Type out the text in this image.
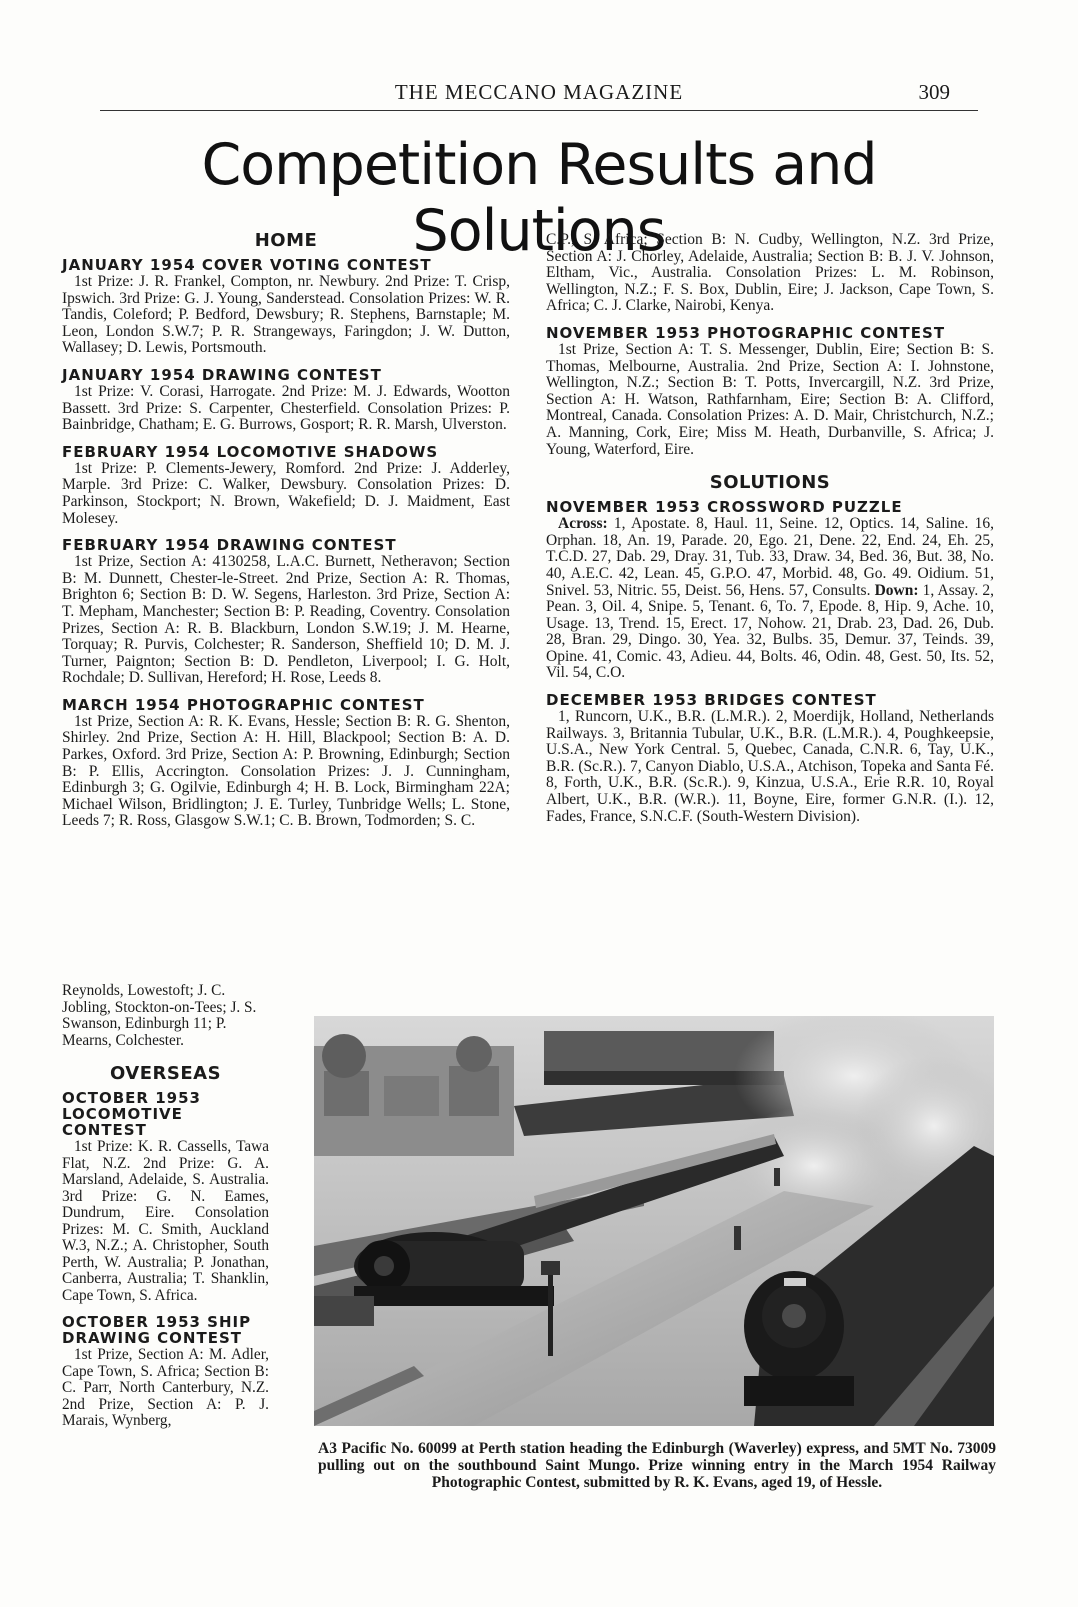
THE MECCANO MAGAZINE	309
Competition Results and Solutions
HOME
JANUARY 1954 COVER VOTING CONTEST

1st Prize: J. R. Frankel, Compton, nr. Newbury. 2nd Prize: T. Crisp, Ipswich. 3rd Prize: G. J. Young, Sanderstead. Consolation Prizes: W. R. Tandis, Coleford; P. Bedford, Dewsbury; R. Stephens, Barnstaple; M. Leon, London S.W.7; P. R. Strangeways, Faringdon; J. W. Dutton, Wallasey; D. Lewis, Portsmouth.

JANUARY 1954 DRAWING CONTEST

1st Prize: V. Corasi, Harrogate. 2nd Prize: M. J. Edwards, Wootton Bassett. 3rd Prize: S. Carpenter, Chesterfield. Consolation Prizes: P. Bainbridge, Chatham; E. G. Burrows, Gosport; R. R. Marsh, Ulverston.

FEBRUARY 1954 LOCOMOTIVE SHADOWS

1st Prize: P. Clements-Jewery, Romford. 2nd Prize: J. Adderley, Marple. 3rd Prize: C. Walker, Dewsbury. Consolation Prizes: D. Parkinson, Stockport; N. Brown, Wakefield; D. J. Maidment, East Molesey.

FEBRUARY 1954 DRAWING CONTEST

1st Prize, Section A: 4130258, L.A.C. Burnett, Netheravon; Section B: M. Dunnett, Chester-le-Street. 2nd Prize, Section A: R. Thomas, Brighton 6; Section B: D. W. Segens, Harleston. 3rd Prize, Section A: T. Mepham, Manchester; Section B: P. Reading, Coventry. Consolation Prizes, Section A: R. B. Blackburn, London S.W.19; J. M. Hearne, Torquay; R. Purvis, Colchester; R. Sanderson, Sheffield 10; D. M. J. Turner, Paignton; Section B: D. Pendleton, Liverpool; I. G. Holt, Rochdale; D. Sullivan, Hereford; H. Rose, Leeds 8.

MARCH 1954 PHOTOGRAPHIC CONTEST

1st Prize, Section A: R. K. Evans, Hessle; Section B: R. G. Shenton, Shirley. 2nd Prize, Section A: H. Hill, Blackpool; Section B: A. D. Parkes, Oxford. 3rd Prize, Section A: P. Browning, Edinburgh; Section B: P. Ellis, Accrington. Consolation Prizes: J. J. Cunningham, Edinburgh 3; G. Ogilvie, Edinburgh 4; H. B. Lock, Birmingham 22A; Michael Wilson, Bridlington; J. E. Turley, Tunbridge Wells; L. Stone, Leeds 7; R. Ross, Glasgow S.W.1; C. B. Brown, Todmorden; S. C.

Reynolds, Lowestoft; J. C. Jobling, Stockton-on-Tees; J. S. Swanson, Edinburgh 11; P. Mearns, Colchester.

OVERSEAS
OCTOBER 1953 LOCOMOTIVE CONTEST

1st Prize: K. R. Cassells, Tawa Flat, N.Z. 2nd Prize: G. A. Marsland, Adelaide, S. Australia. 3rd Prize: G. N. Eames, Dundrum, Eire. Consolation Prizes: M. C. Smith, Auckland W.3, N.Z.; A. Christopher, South Perth, W. Australia; P. Jonathan, Canberra, Australia; T. Shanklin, Cape Town, S. Africa.

OCTOBER 1953 SHIP DRAWING CONTEST

1st Prize, Section A: M. Adler, Cape Town, S. Africa; Section B: C. Parr, North Canterbury, N.Z. 2nd Prize, Section A: P. J. Marais, Wynberg,

C.P., S. Africa; Section B: N. Cudby, Wellington, N.Z. 3rd Prize, Section A: J. Chorley, Adelaide, Australia; Section B: B. J. V. Johnson, Eltham, Vic., Australia. Consolation Prizes: L. M. Robinson, Wellington, N.Z.; F. S. Box, Dublin, Eire; J. Jackson, Cape Town, S. Africa; C. J. Clarke, Nairobi, Kenya.

NOVEMBER 1953 PHOTOGRAPHIC CONTEST

1st Prize, Section A: T. S. Messenger, Dublin, Eire; Section B: S. Thomas, Melbourne, Australia. 2nd Prize, Section A: I. Johnstone, Wellington, N.Z.; Section B: T. Potts, Invercargill, N.Z. 3rd Prize, Section A: H. Watson, Rathfarnham, Eire; Section B: A. Clifford, Montreal, Canada. Consolation Prizes: A. D. Mair, Christchurch, N.Z.; A. Manning, Cork, Eire; Miss M. Heath, Durbanville, S. Africa; J. Young, Waterford, Eire.

SOLUTIONS
NOVEMBER 1953 CROSSWORD PUZZLE

Across: 1, Apostate. 8, Haul. 11, Seine. 12, Optics. 14, Saline. 16, Orphan. 18, An. 19, Parade. 20, Ego. 21, Dene. 22, End. 24, Eh. 25, T.C.D. 27, Dab. 29, Dray. 31, Tub. 33, Draw. 34, Bed. 36, But. 38, No. 40, A.E.C. 42, Lean. 45, G.P.O. 47, Morbid. 48, Go. 49. Oidium. 51, Snivel. 53, Nitric. 55, Deist. 56, Hens. 57, Consults. Down: 1, Assay. 2, Pean. 3, Oil. 4, Snipe. 5, Tenant. 6, To. 7, Epode. 8, Hip. 9, Ache. 10, Usage. 13, Trend. 15, Erect. 17, Nohow. 21, Drab. 23, Dad. 26, Dub. 28, Bran. 29, Dingo. 30, Yea. 32, Bulbs. 35, Demur. 37, Teinds. 39, Opine. 41, Comic. 43, Adieu. 44, Bolts. 46, Odin. 48, Gest. 50, Its. 52, Vil. 54, C.O.

DECEMBER 1953 BRIDGES CONTEST

1, Runcorn, U.K., B.R. (L.M.R.). 2, Moerdijk, Holland, Netherlands Railways. 3, Britannia Tubular, U.K., B.R. (L.M.R.). 4, Poughkeepsie, U.S.A., New York Central. 5, Quebec, Canada, C.N.R. 6, Tay, U.K., B.R. (Sc.R.). 7, Canyon Diablo, U.S.A., Atchison, Topeka and Santa Fé. 8, Forth, U.K., B.R. (Sc.R.). 9, Kinzua, U.S.A., Erie R.R. 10, Royal Albert, U.K., B.R. (W.R.). 11, Boyne, Eire, former G.N.R. (I.). 12, Fades, France, S.N.C.F. (South-Western Division).

A3 Pacific No. 60099 at Perth station heading the Edinburgh (Waverley) express, and 5MT No. 73009 pulling out on the southbound Saint Mungo. Prize winning entry in the March 1954 Railway Photographic Contest, submitted by R. K. Evans, aged 19, of Hessle.
